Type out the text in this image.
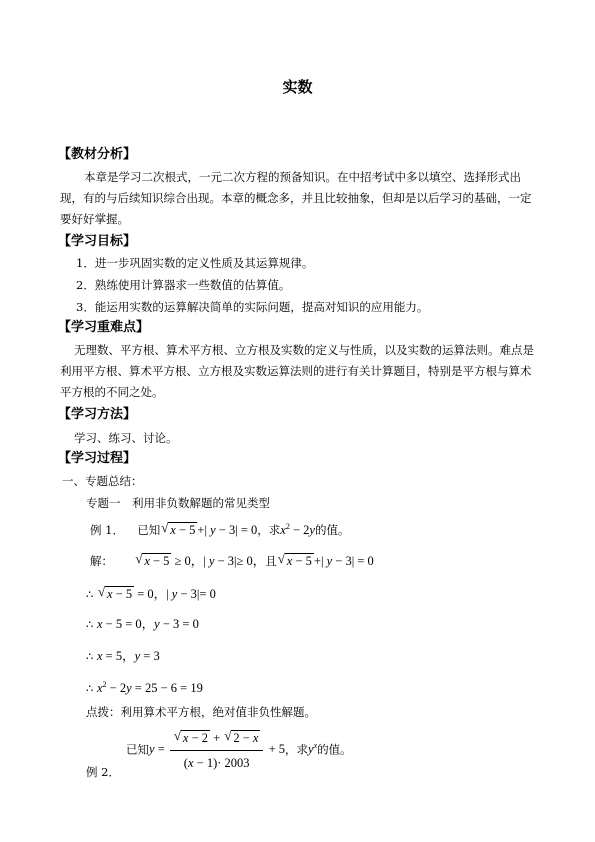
实数
【教材分析】
本章是学习二次根式，一元二次方程的预备知识。在中招考试中多以填空、选择形式出现，有的与后续知识综合出现。本章的概念多，并且比较抽象，但却是以后学习的基础，一定要好好掌握。
【学习目标】
1．进一步巩固实数的定义性质及其运算规律。
2．熟练使用计算器求一些数值的估算值。
3．能运用实数的运算解决简单的实际问题，提高对知识的应用能力。
【学习重难点】
无理数、平方根、算术平方根、立方根及实数的定义与性质，以及实数的运算法则。难点是利用平方根、算术平方根、立方根及实数运算法则的进行有关计算题目，特别是平方根与算术平方根的不同之处。
【学习方法】
学习、练习、讨论。
【学习过程】
一、专题总结：
专题一　利用非负数解题的常见类型
例 1． 已知 √ x − 5 +| y − 3| = 0，求$x^2 - 2y$的值。
解： √ x − 5 ≥ 0，| y − 3|≥ 0，且 √ x − 5 +| y − 3| = 0
∴ √ x − 5 = 0，| y − 3|= 0
∴ x − 5 = 0，y − 3 = 0
∴ x = 5，y = 3
∴ $x^2 - 2y = 25 - 6 = 19$
点拨：利用算术平方根，绝对值非负性解题。
已知$y = \frac{√ x - 2 + √ 2 - x}{(x - 1)\cdot 2003} + 5$，求$y^x$的值。
例 2．
